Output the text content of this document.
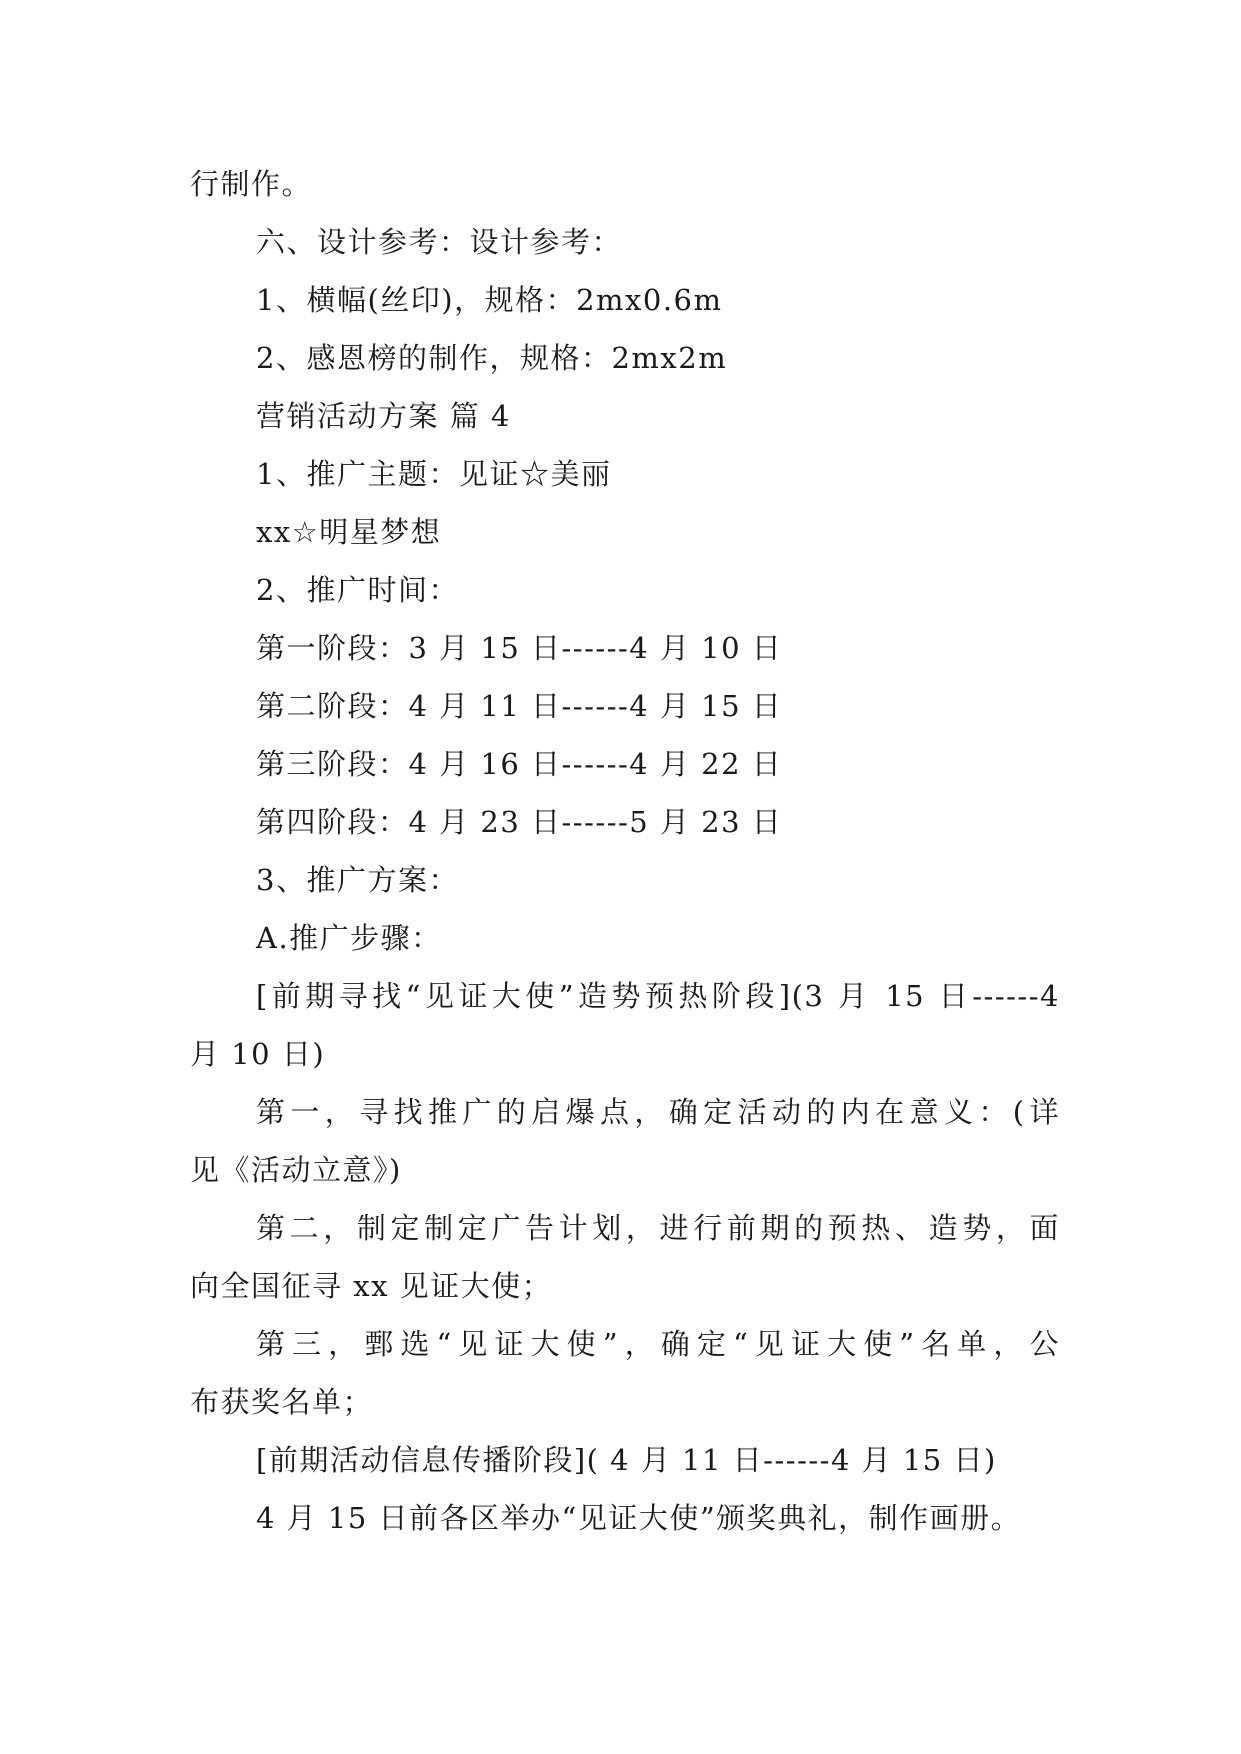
行制作。
六、设计参考：设计参考：
1、横幅(丝印)，规格：2mx0.6m
2、感恩榜的制作，规格：2mx2m
营销活动方案 篇 4
1、推广主题：见证☆美丽
xx☆明星梦想
2、推广时间：
第一阶段：3 月 15 日------4 月 10 日
第二阶段：4 月 11 日------4 月 15 日
第三阶段：4 月 16 日------4 月 22 日
第四阶段：4 月 23 日------5 月 23 日
3、推广方案：
A.推广步骤：
[前期寻找“见证大使”造势预热阶段](3 月 15 日------4
月 10 日)
第一，寻找推广的启爆点，确定活动的内在意义：(详
见《活动立意》)
第二，制定制定广告计划，进行前期的预热、造势，面
向全国征寻 xx 见证大使；
第三，鄄选“见证大使”，确定“见证大使”名单，公
布获奖名单；
[前期活动信息传播阶段]( 4 月 11 日------4 月 15 日)
4 月 15 日前各区举办“见证大使”颁奖典礼，制作画册。
